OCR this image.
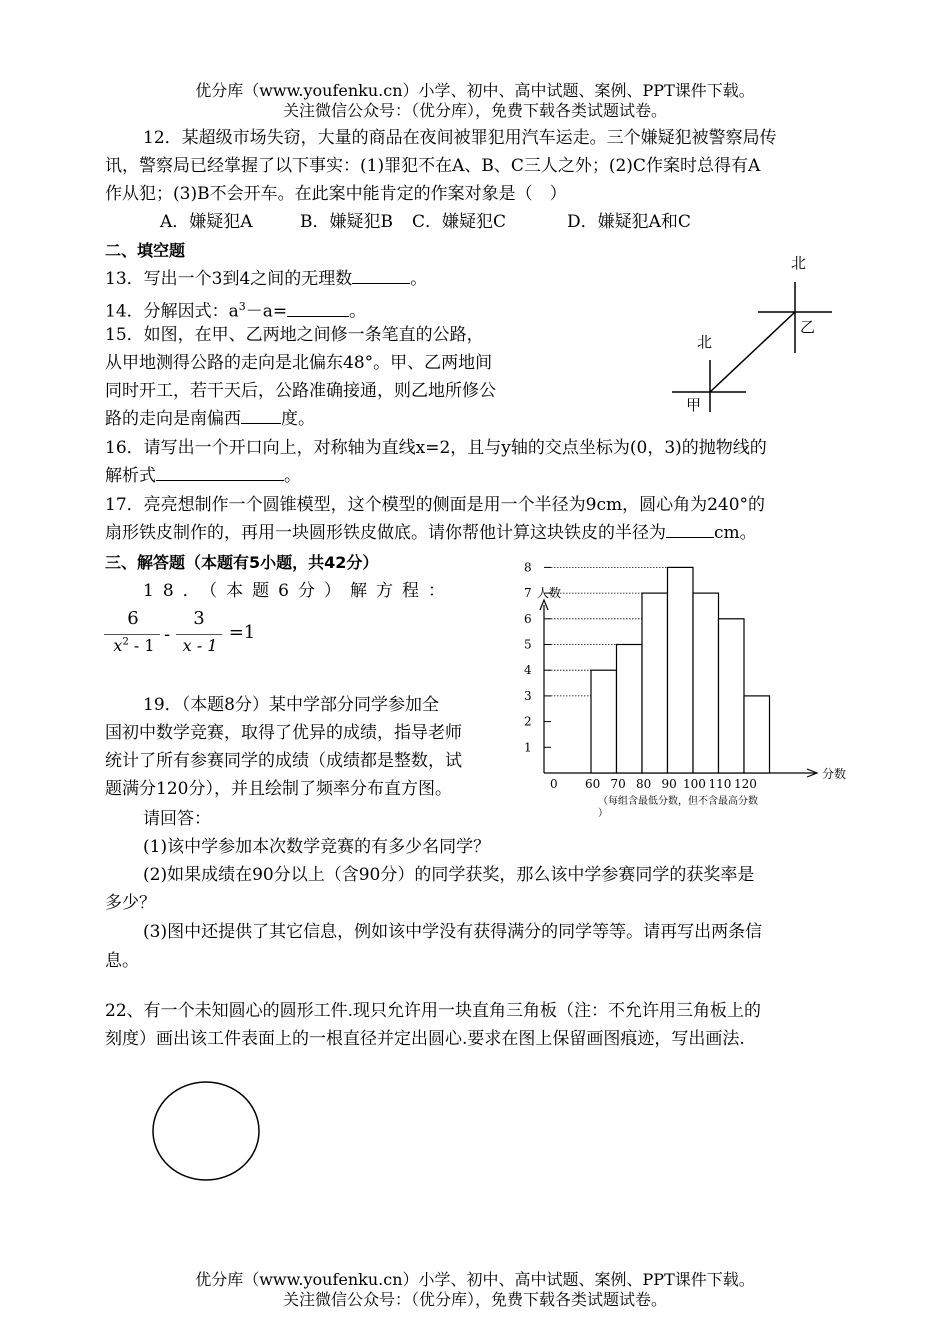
优分库（www.youfenku.cn）小学、初中、高中试题、案例、PPT课件下载。
关注微信公众号：（优分库），免费下载各类试题试卷。
12．某超级市场失窃，大量的商品在夜间被罪犯用汽车运走。三个嫌疑犯被警察局传
讯，警察局已经掌握了以下事实：(1)罪犯不在A、B、C三人之外；(2)C作案时总得有A
作从犯；(3)B不会开车。在此案中能肯定的作案对象是（　）
A．嫌疑犯A	B．嫌疑犯B C．嫌疑犯C	D．嫌疑犯A和C
二、填空题
13．写出一个3到4之间的无理数	。
14．分解因式：$a^3-a=$	。
15．如图，在甲、乙两地之间修一条笔直的公路，
从甲地测得公路的走向是北偏东48°。甲、乙两地间
同时开工，若干天后，公路准确接通，则乙地所修公
路的走向是南偏西 度。
北
北
乙
甲
16．请写出一个开口向上，对称轴为直线x=2，且与y轴的交点坐标为(0，3)的抛物线的
解析式	。
17．亮亮想制作一个圆锥模型，这个模型的侧面是用一个半径为9cm，圆心角为240°的
扇形铁皮制作的，再用一块圆形铁皮做底。请你帮他计算这块铁皮的半径为	cm。
三、解答题（本题有5小题，共42分）
18．（本题6分）解方程：
6
$x^2 - 1$
-
3
x - 1
=1
19．（本题8分）某中学部分同学参加全
国初中数学竞赛，取得了优异的成绩，指导老师
统计了所有参赛同学的成绩（成绩都是整数，试
题满分120分），并且绘制了频率分布直方图。
请回答：
(1)该中学参加本次数学竞赛的有多少名同学？
(2)如果成绩在90分以上（含90分）的同学获奖，那么该中学参赛同学的获奖率是
多少？
(3)图中还提供了其它信息，例如该中学没有获得满分的同学等等。请再写出两条信
息。
人数
分数
8
7
6
5
4
3
2
1
0 60 70 80 90 100 110 120
（每组含最低分数，但不含最高分数
）
22、有一个未知圆心的圆形工件.现只允许用一块直角三角板（注：不允许用三角板上的
刻度）画出该工件表面上的一根直径并定出圆心.要求在图上保留画图痕迹，写出画法.
优分库（www.youfenku.cn）小学、初中、高中试题、案例、PPT课件下载。
关注微信公众号：（优分库），免费下载各类试题试卷。
